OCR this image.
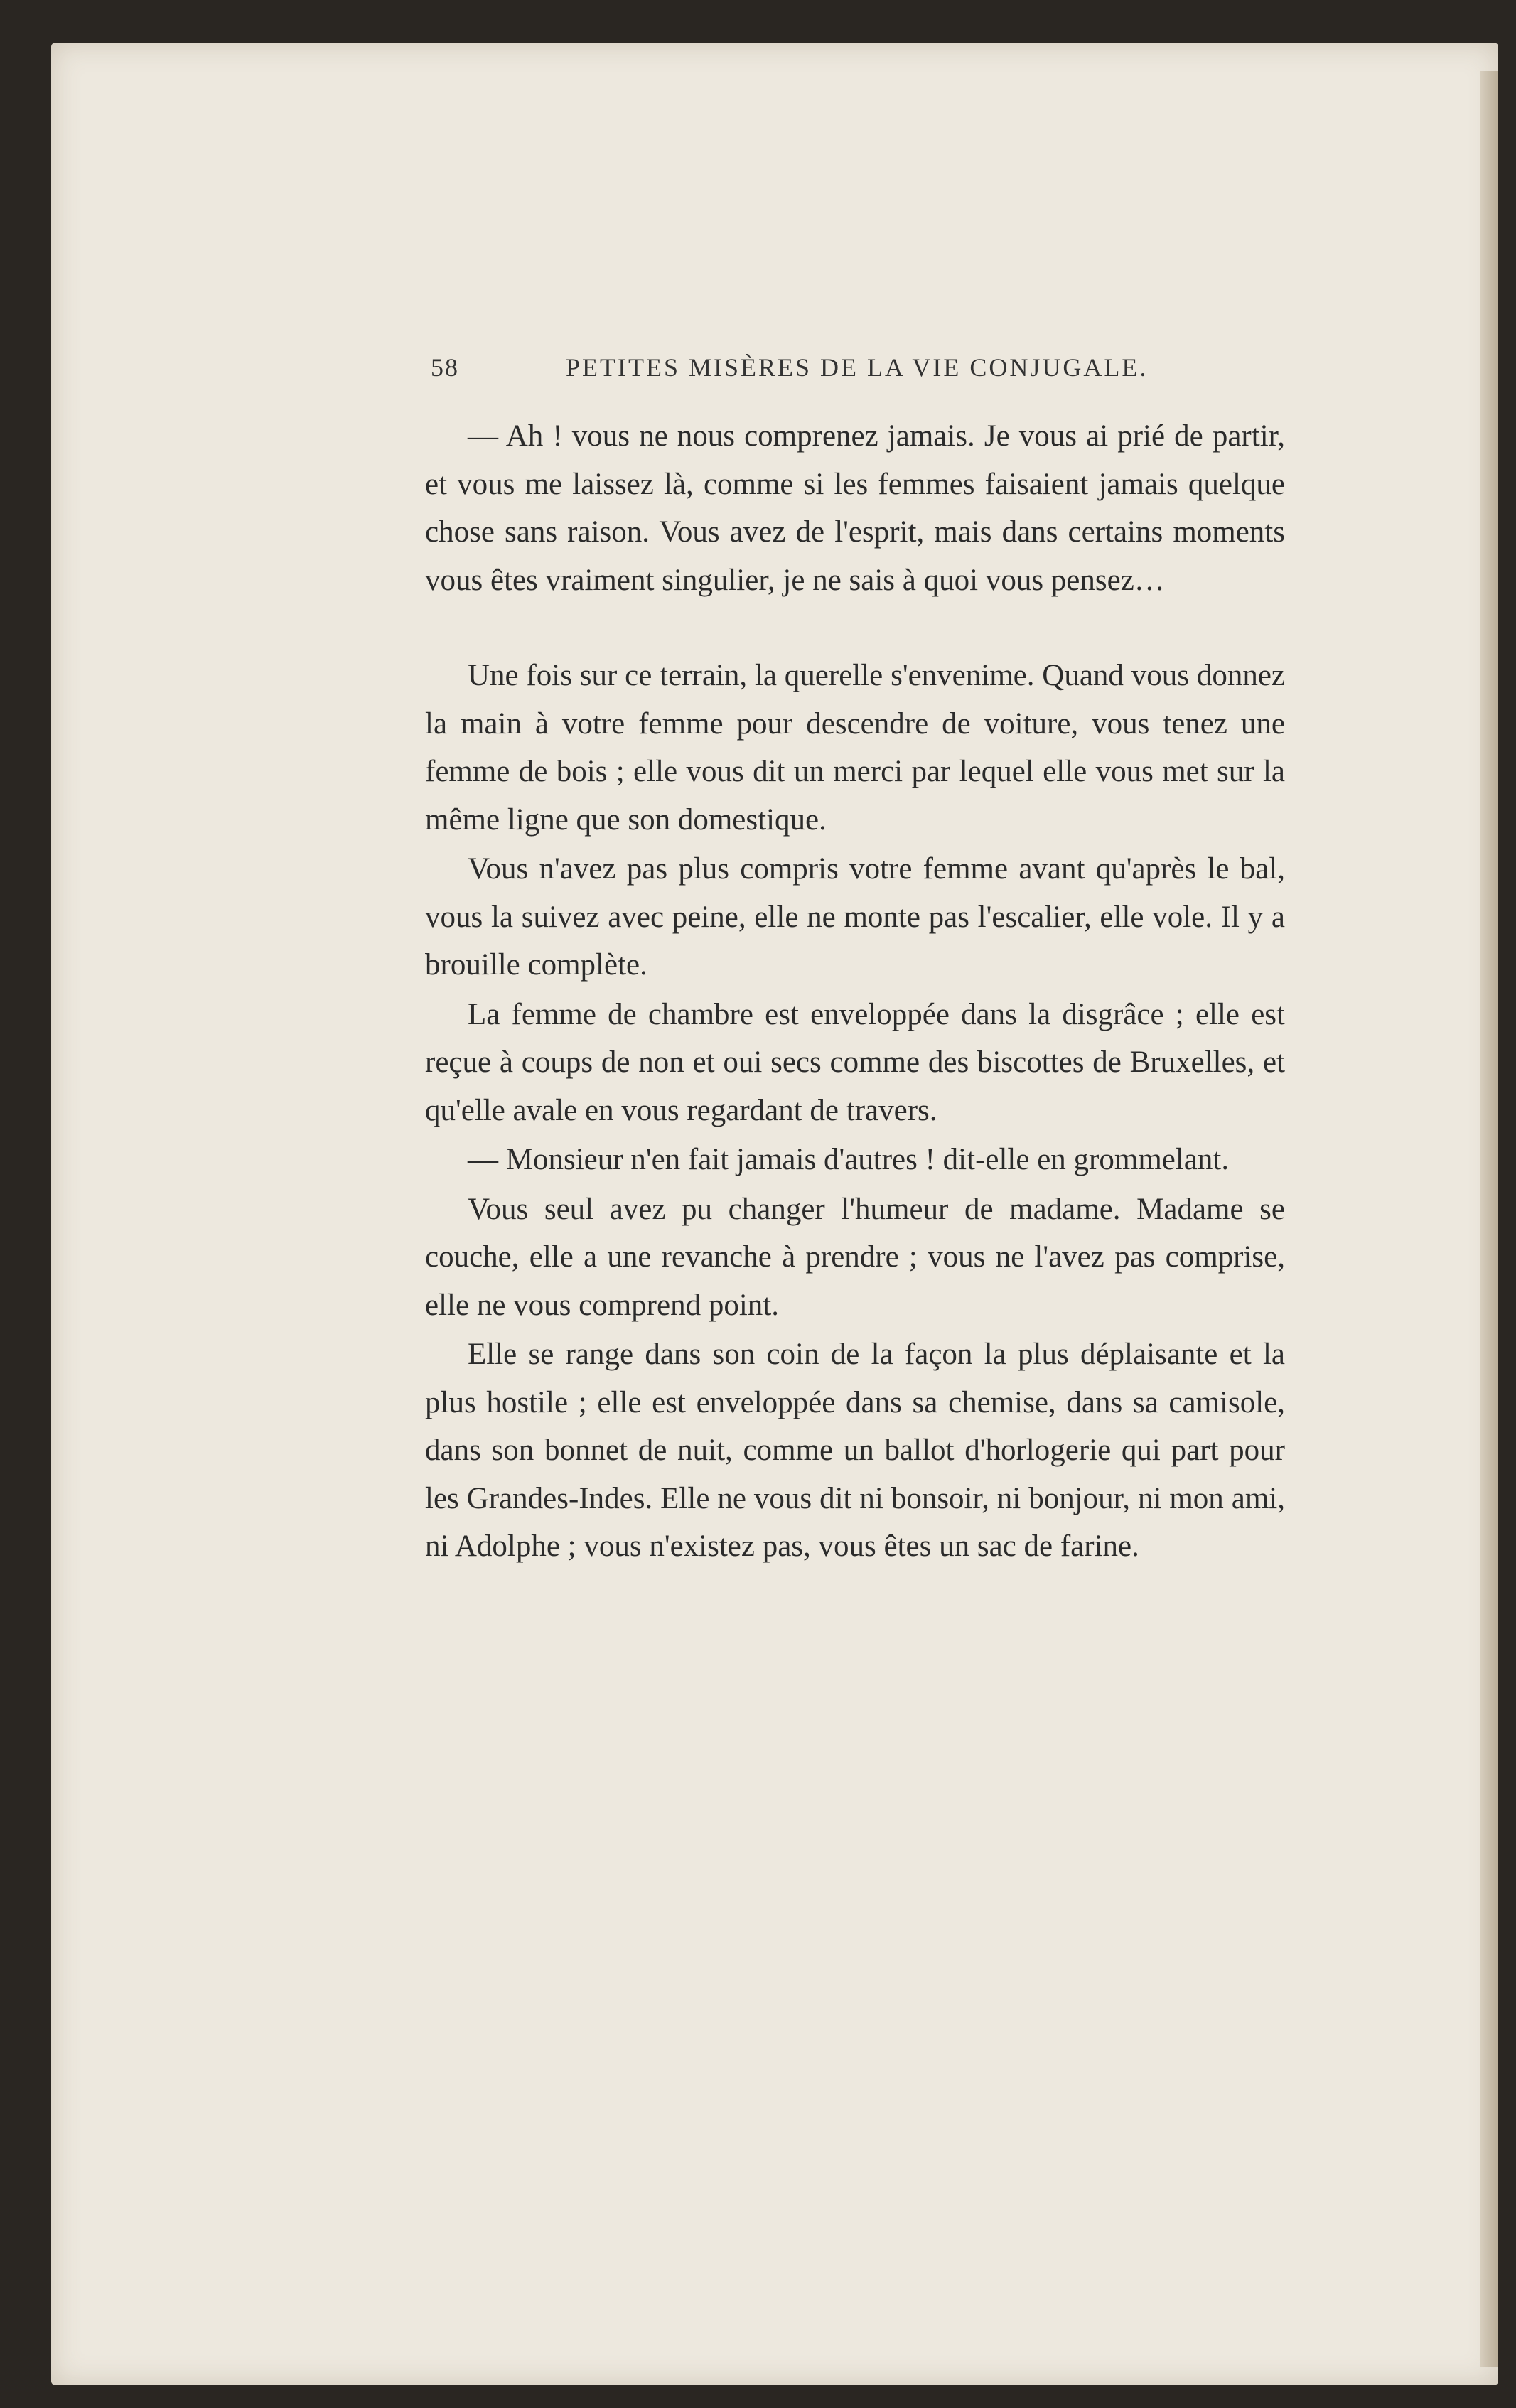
58	PETITES MISÈRES DE LA VIE CONJUGALE.

— Ah ! vous ne nous comprenez jamais. Je vous ai prié de partir, et vous me laissez là, comme si les femmes faisaient jamais quelque chose sans raison. Vous avez de l'esprit, mais dans certains moments vous êtes vraiment singulier, je ne sais à quoi vous pensez…

Une fois sur ce terrain, la querelle s'envenime. Quand vous donnez la main à votre femme pour descendre de voiture, vous tenez une femme de bois ; elle vous dit un merci par lequel elle vous met sur la même ligne que son domestique.

Vous n'avez pas plus compris votre femme avant qu'après le bal, vous la suivez avec peine, elle ne monte pas l'escalier, elle vole. Il y a brouille complète.

La femme de chambre est enveloppée dans la disgrâce ; elle est reçue à coups de non et oui secs comme des biscottes de Bruxelles, et qu'elle avale en vous regardant de travers.

— Monsieur n'en fait jamais d'autres ! dit-elle en grommelant.

Vous seul avez pu changer l'humeur de madame. Madame se couche, elle a une revanche à prendre ; vous ne l'avez pas comprise, elle ne vous comprend point.

Elle se range dans son coin de la façon la plus déplaisante et la plus hostile ; elle est enveloppée dans sa chemise, dans sa camisole, dans son bonnet de nuit, comme un ballot d'horlogerie qui part pour les Grandes-Indes. Elle ne vous dit ni bonsoir, ni bonjour, ni mon ami, ni Adolphe ; vous n'existez pas, vous êtes un sac de farine.
